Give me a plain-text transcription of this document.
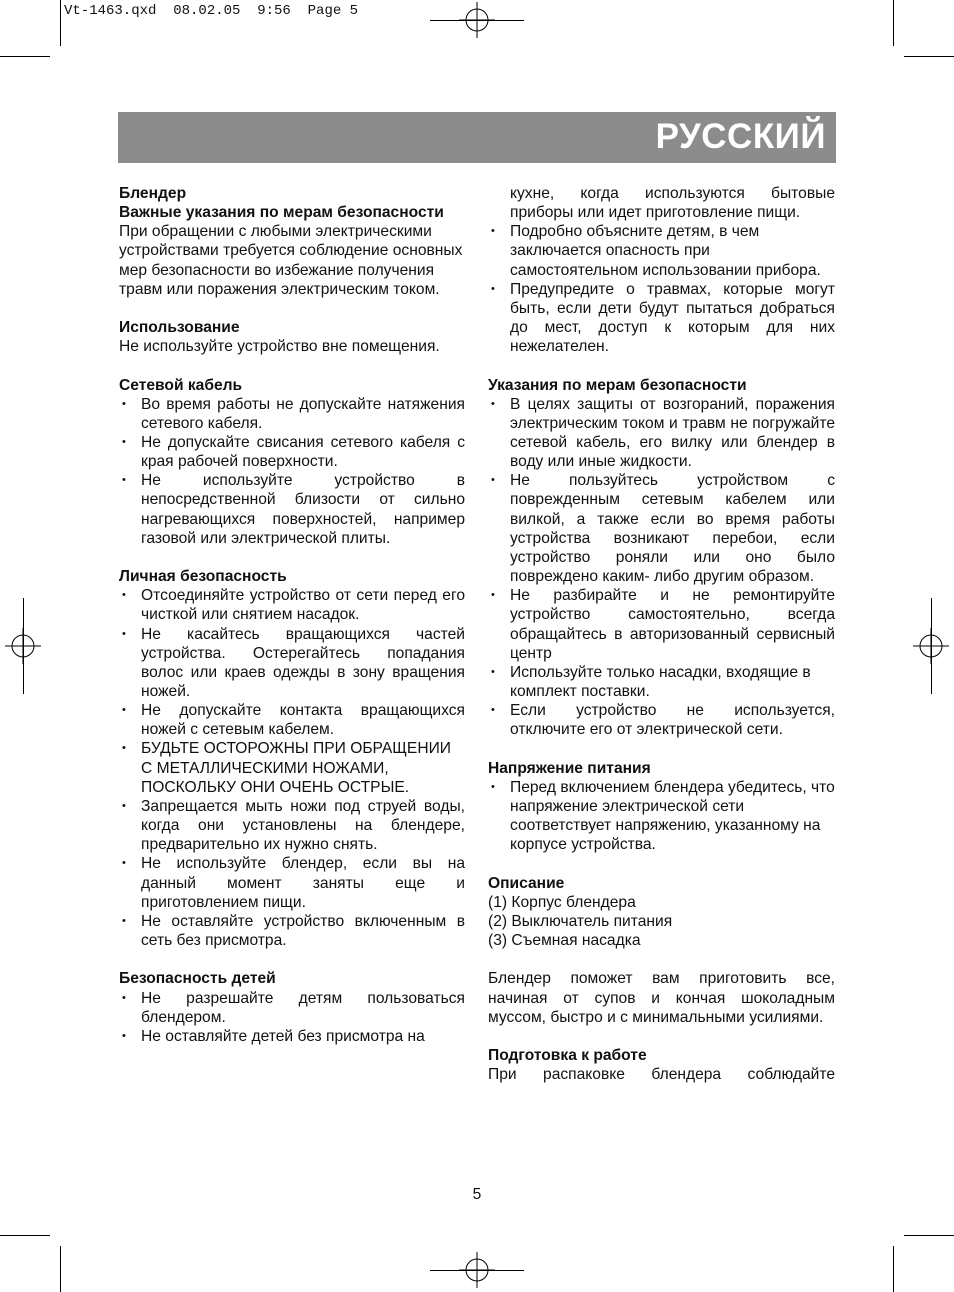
Vt-1463.qxd  08.02.05  9:56  Page 5
РУССКИЙ

Блендер

Важные указания по мерам безопасности

При обращении с любыми электрическими устройствами требуется соблюдение основных мер безопасности во избежание получения травм или поражения электрическим током.

Использование

Не используйте устройство вне помещения.

Сетевой кабель

• Во время работы не допускайте натяжения сетевого кабеля.
• Не допускайте свисания сетевого кабеля с края рабочей поверхности.
• Не используйте устройство в непосредственной близости от сильно нагревающихся поверхностей, например газовой или электрической плиты.

Личная безопасность

• Отсоединяйте устройство от сети перед его чисткой или снятием насадок.
• Не касайтесь вращающихся частей устройства. Остерегайтесь попадания волос или краев одежды в зону вращения ножей.
• Не допускайте контакта вращающихся ножей с сетевым кабелем.
• БУДЬТЕ ОСТОРОЖНЫ ПРИ ОБРАЩЕНИИ С МЕТАЛЛИЧЕСКИМИ НОЖАМИ, ПОСКОЛЬКУ ОНИ ОЧЕНЬ ОСТРЫЕ.
• Запрещается мыть ножи под струей воды, когда они установлены на блендере, предварительно их нужно снять.
• Не используйте блендер, если вы на данный момент заняты еще и приготовлением пищи.
• Не оставляйте устройство включенным в сеть без присмотра.

Безопасность детей

• Не разрешайте детям пользоваться блендером.
• Не оставляйте детей без присмотра на

кухне, когда используются бытовые приборы или идет приготовление пищи.

• Подробно объясните детям, в чем заключается опасность при самостоятельном использовании прибора.
• Предупредите о травмах, которые могут быть, если дети будут пытаться добраться до мест, доступ к которым для них нежелателен.

Указания по мерам безопасности

• В целях защиты от возгораний, поражения электрическим током и травм не погружайте сетевой кабель, его вилку или блендер в воду или иные жидкости.
• Не пользуйтесь устройством с поврежденным сетевым кабелем или вилкой, а также если во время работы устройства возникают перебои, если устройство роняли или оно было повреждено каким- либо другим образом.
• Не разбирайте и не ремонтируйте устройство самостоятельно, всегда обращайтесь в авторизованный сервисный центр
• Используйте только насадки, входящие в комплект поставки.
• Если устройство не используется, отключите его от электрической сети.

Напряжение питания

• Перед включением блендера убедитесь, что напряжение электрической сети соответствует напряжению, указанному на корпусе устройства.

Описание

(1) Корпус блендера

(2) Выключатель питания

(3) Съемная насадка

Блендер поможет вам приготовить все, начиная от супов и кончая шоколадным муссом, быстро и с минимальными усилиями.

Подготовка к работе

При распаковке блендера соблюдайте

5
